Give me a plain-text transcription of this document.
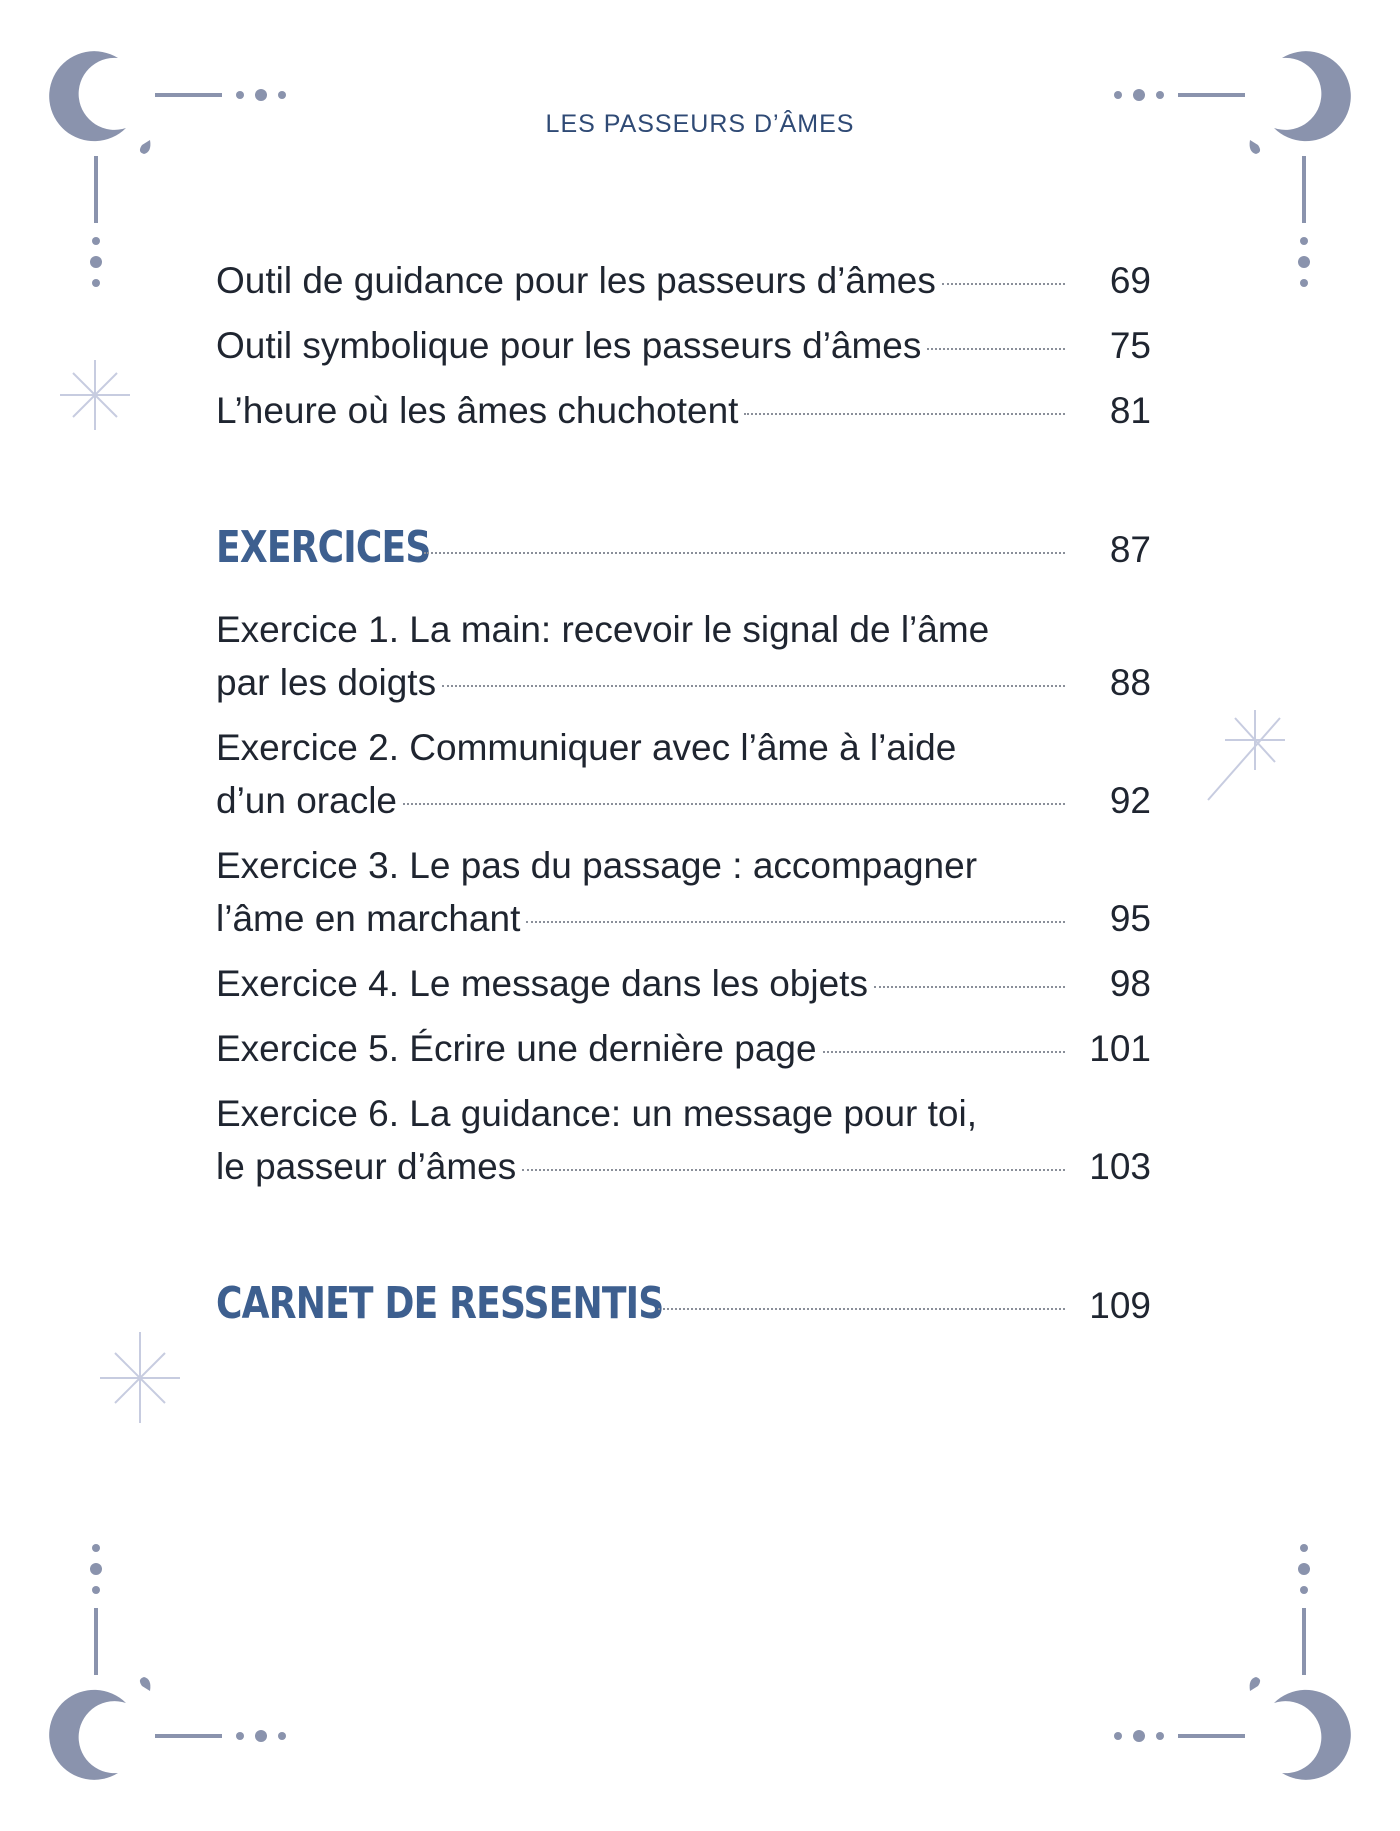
LES PASSEURS D’ÂMES
Outil de guidance pour les passeurs d’âmes	69
Outil symbolique pour les passeurs d’âmes	75
L’heure où les âmes chuchotent	81
EXERCICES	87
Exercice 1. La main: recevoir le signal de l’âme
par les doigts	88
Exercice 2. Communiquer avec l’âme à l’aide
d’un oracle	92
Exercice 3. Le pas du passage : accompagner
l’âme en marchant	95
Exercice 4. Le message dans les objets	98
Exercice 5. Écrire une dernière page	101
Exercice 6. La guidance: un message pour toi,
le passeur d’âmes	103
CARNET DE RESSENTIS	109
